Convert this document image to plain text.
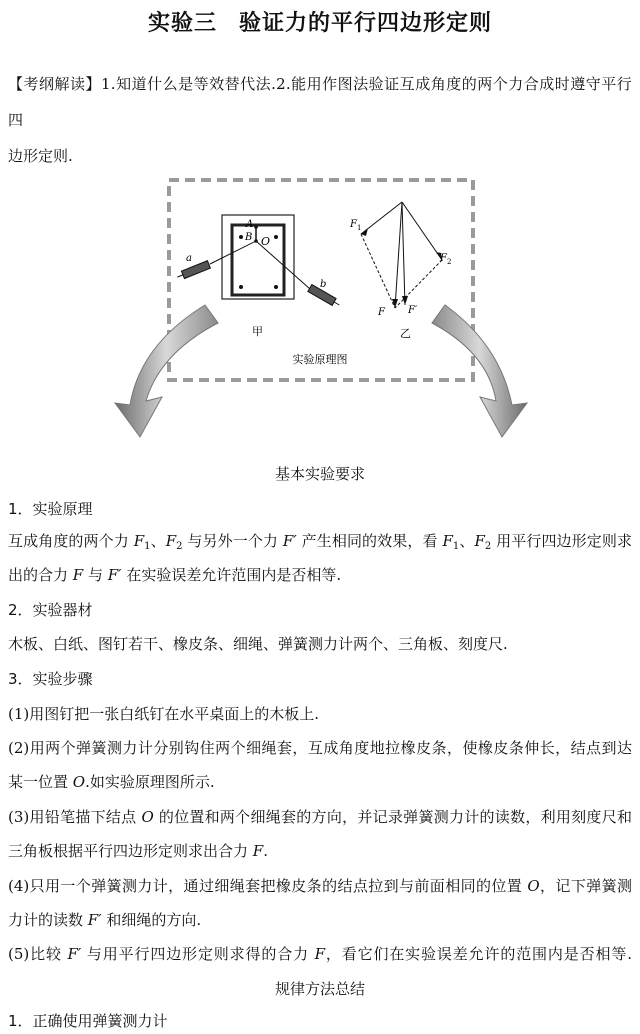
实验三 验证力的平行四边形定则
【考纲解读】1.知道什么是等效替代法.2.能用作图法验证互成角度的两个力合成时遵守平行四
边形定则.
A
B O
a
b
甲
$F_1$
$F_2$
F F′
乙
实验原理图
基本实验要求
1．实验原理
互成角度的两个力 $F_1$、$F_2$ 与另外一个力 F′ 产生相同的效果，看 $F_1$、$F_2$ 用平行四边形定则求
出的合力 F 与 F′ 在实验误差允许范围内是否相等.
2．实验器材
木板、白纸、图钉若干、橡皮条、细绳、弹簧测力计两个、三角板、刻度尺.
3．实验步骤
(1)用图钉把一张白纸钉在水平桌面上的木板上.
(2)用两个弹簧测力计分别钩住两个细绳套，互成角度地拉橡皮条，使橡皮条伸长，结点到达
某一位置 O.如实验原理图所示.
(3)用铅笔描下结点 O 的位置和两个细绳套的方向，并记录弹簧测力计的读数，利用刻度尺和
三角板根据平行四边形定则求出合力 F.
(4)只用一个弹簧测力计，通过细绳套把橡皮条的结点拉到与前面相同的位置 O，记下弹簧测
力计的读数 F′ 和细绳的方向.
(5)比较 F′ 与用平行四边形定则求得的合力 F，看它们在实验误差允许的范围内是否相等.
规律方法总结
1．正确使用弹簧测力计
